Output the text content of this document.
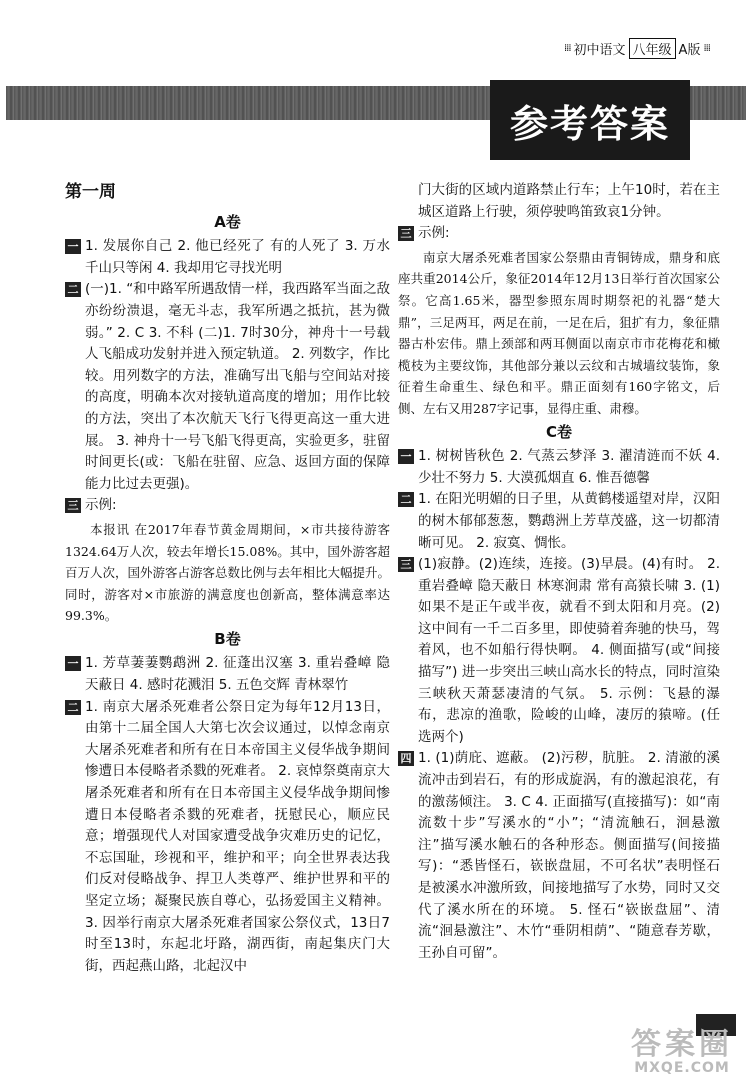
⁞⁞⁞ 初中语文 八年级 A版 ⁞⁞⁞
参考答案
第一周
A卷
一 1. 发展你自己 2. 他已经死了 有的人死了 3. 万水千山只等闲 4. 我却用它寻找光明
二 (一)1. “和中路军所遇敌情一样，我西路军当面之敌亦纷纷溃退，毫无斗志，我军所遇之抵抗，甚为微弱。” 2. C 3. 不科 (二)1. 7时30分，神舟十一号载人飞船成功发射并进入预定轨道。 2. 列数字，作比较。用列数字的方法，准确写出飞船与空间站对接的高度，明确本次对接轨道高度的增加；用作比较的方法，突出了本次航天飞行飞得更高这一重大进展。 3. 神舟十一号飞船飞得更高，实验更多，驻留时间更长(或：飞船在驻留、应急、返回方面的保障能力比过去更强)。
三 示例:
本报讯 在2017年春节黄金周期间，×市共接待游客1324.64万人次，较去年增长15.08%。其中，国外游客超百万人次，国外游客占游客总数比例与去年相比大幅提升。同时，游客对×市旅游的满意度也创新高，整体满意率达99.3%。
B卷
一 1. 芳草萋萋鹦鹉洲 2. 征蓬出汉塞 3. 重岩叠嶂 隐天蔽日 4. 感时花溅泪 5. 五色交辉 青林翠竹
二 1. 南京大屠杀死难者公祭日定为每年12月13日，由第十二届全国人大第七次会议通过，以悼念南京大屠杀死难者和所有在日本帝国主义侵华战争期间惨遭日本侵略者杀戮的死难者。 2. 哀悼祭奠南京大屠杀死难者和所有在日本帝国主义侵华战争期间惨遭日本侵略者杀戮的死难者，抚慰民心，顺应民意；增强现代人对国家遭受战争灾难历史的记忆，不忘国耻，珍视和平，维护和平；向全世界表达我们反对侵略战争、捍卫人类尊严、维护世界和平的坚定立场；凝聚民族自尊心，弘扬爱国主义精神。 3. 因举行南京大屠杀死难者国家公祭仪式，13日7时至13时，东起北圩路，湖西街，南起集庆门大街，西起燕山路，北起汉中
门大街的区域内道路禁止行车；上午10时，若在主城区道路上行驶，须停驶鸣笛致哀1分钟。
三 示例:
南京大屠杀死难者国家公祭鼎由青铜铸成，鼎身和底座共重2014公斤，象征2014年12月13日举行首次国家公祭。它高1.65米，器型参照东周时期祭祀的礼器“楚大鼎”，三足两耳，两足在前，一足在后，狙扩有力，象征鼎器古朴宏伟。鼎上颈部和两耳侧面以南京市市花梅花和橄榄枝为主要纹饰，其他部分兼以云纹和古城墙纹装饰，象征着生命重生、绿色和平。鼎正面刻有160字铭文，后侧、左右又用287字记事，显得庄重、肃穆。
C卷
一 1. 树树皆秋色 2. 气蒸云梦泽 3. 濯清涟而不妖 4. 少壮不努力 5. 大漠孤烟直 6. 惟吾德馨
二 1. 在阳光明媚的日子里，从黄鹤楼遥望对岸，汉阳的树木郁郁葱葱，鹦鹉洲上芳草茂盛，这一切都清晰可见。 2. 寂寞、惆怅。
三 (1)寂静。(2)连续，连接。(3)早晨。(4)有时。 2. 重岩叠嶂 隐天蔽日 林寒涧肃 常有高猿长啸 3. (1)如果不是正午或半夜，就看不到太阳和月亮。(2)这中间有一千二百多里，即使骑着奔驰的快马，驾着风，也不如船行得快啊。 4. 侧面描写(或“间接描写”) 进一步突出三峡山高水长的特点，同时渲染三峡秋天萧瑟凄清的气氛。 5. 示例：飞悬的瀑布，悲凉的渔歌，险峻的山峰，凄厉的猿啼。(任选两个)
四 1. (1)荫庇、遮蔽。 (2)污秽，肮脏。 2. 清澈的溪流冲击到岩石，有的形成旋涡，有的激起浪花，有的激荡倾注。 3. C 4. 正面描写(直接描写)：如“南流数十步”写溪水的“小”；“清流触石，洄悬激注”描写溪水触石的各种形态。侧面描写(间接描写)：“悉皆怪石，嵚嵌盘屈，不可名状”表明怪石是被溪水冲激所致，间接地描写了水势，同时又交代了溪水所在的环境。 5. 怪石“嵚嵌盘屈”、清流“洄悬激注”、木竹“垂阴相荫”、“随意春芳歇，王孙自可留”。
答案圈
MXQE.COM
